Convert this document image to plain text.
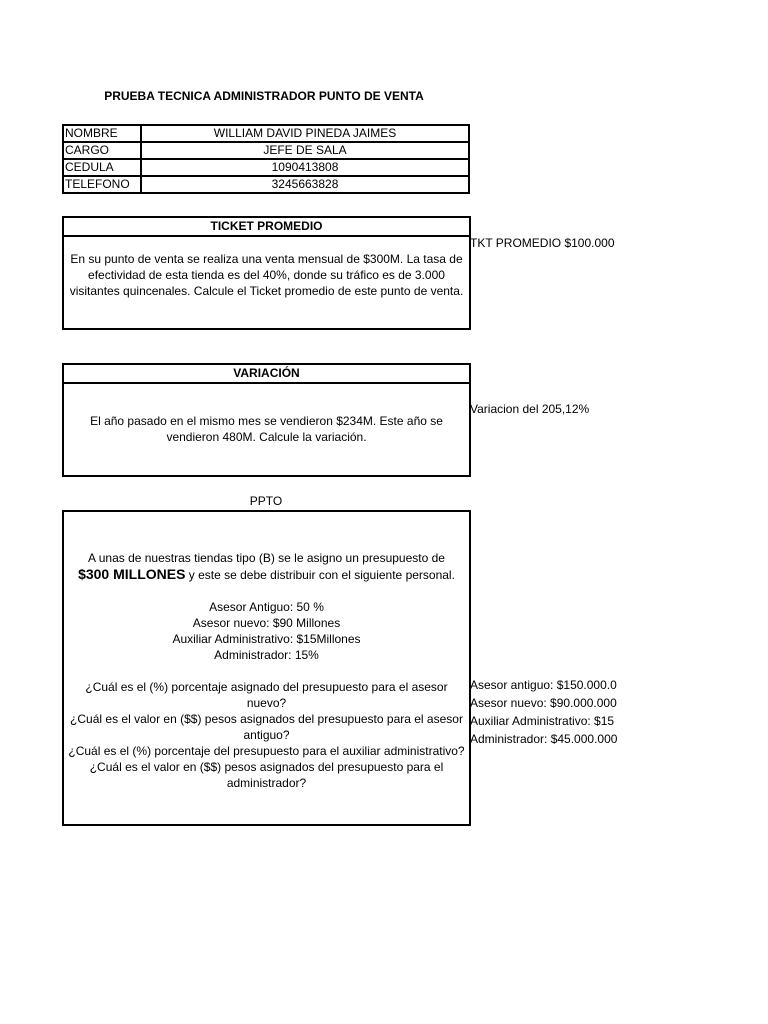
PRUEBA TECNICA ADMINISTRADOR PUNTO DE VENTA
NOMBRE	WILLIAM DAVID PINEDA JAIMES
CARGO	JEFE DE SALA
CEDULA	1090413808
TELEFONO	3245663828
TICKET PROMEDIO
En su punto de venta se realiza una venta mensual de $300M. La tasa de efectividad de esta tienda es del 40%, donde su tráfico es de 3.000 visitantes quincenales. Calcule el Ticket promedio de este punto de venta.
TKT PROMEDIO $100.000
VARIACIÓN
El año pasado en el mismo mes se vendieron $234M. Este año se vendieron 480M. Calcule la variación.
Variacion del 205,12%
PPTO
A unas de nuestras tiendas tipo (B) se le asigno un presupuesto de
$300 MILLONES y este se debe distribuir con el siguiente personal.
Asesor Antiguo: 50 %
Asesor nuevo: $90 Millones
Auxiliar Administrativo: $15Millones
Administrador: 15%
¿Cuál es el (%) porcentaje asignado del presupuesto para el asesor nuevo?
¿Cuál es el valor en ($$) pesos asignados del presupuesto para el asesor antiguo?
¿Cuál es el (%) porcentaje del presupuesto para el auxiliar administrativo?
¿Cuál es el valor en ($$) pesos asignados del presupuesto para el administrador?
Asesor antiguo: $150.000.0
Asesor nuevo: $90.000.000
Auxiliar Administrativo: $15
Administrador: $45.000.000
